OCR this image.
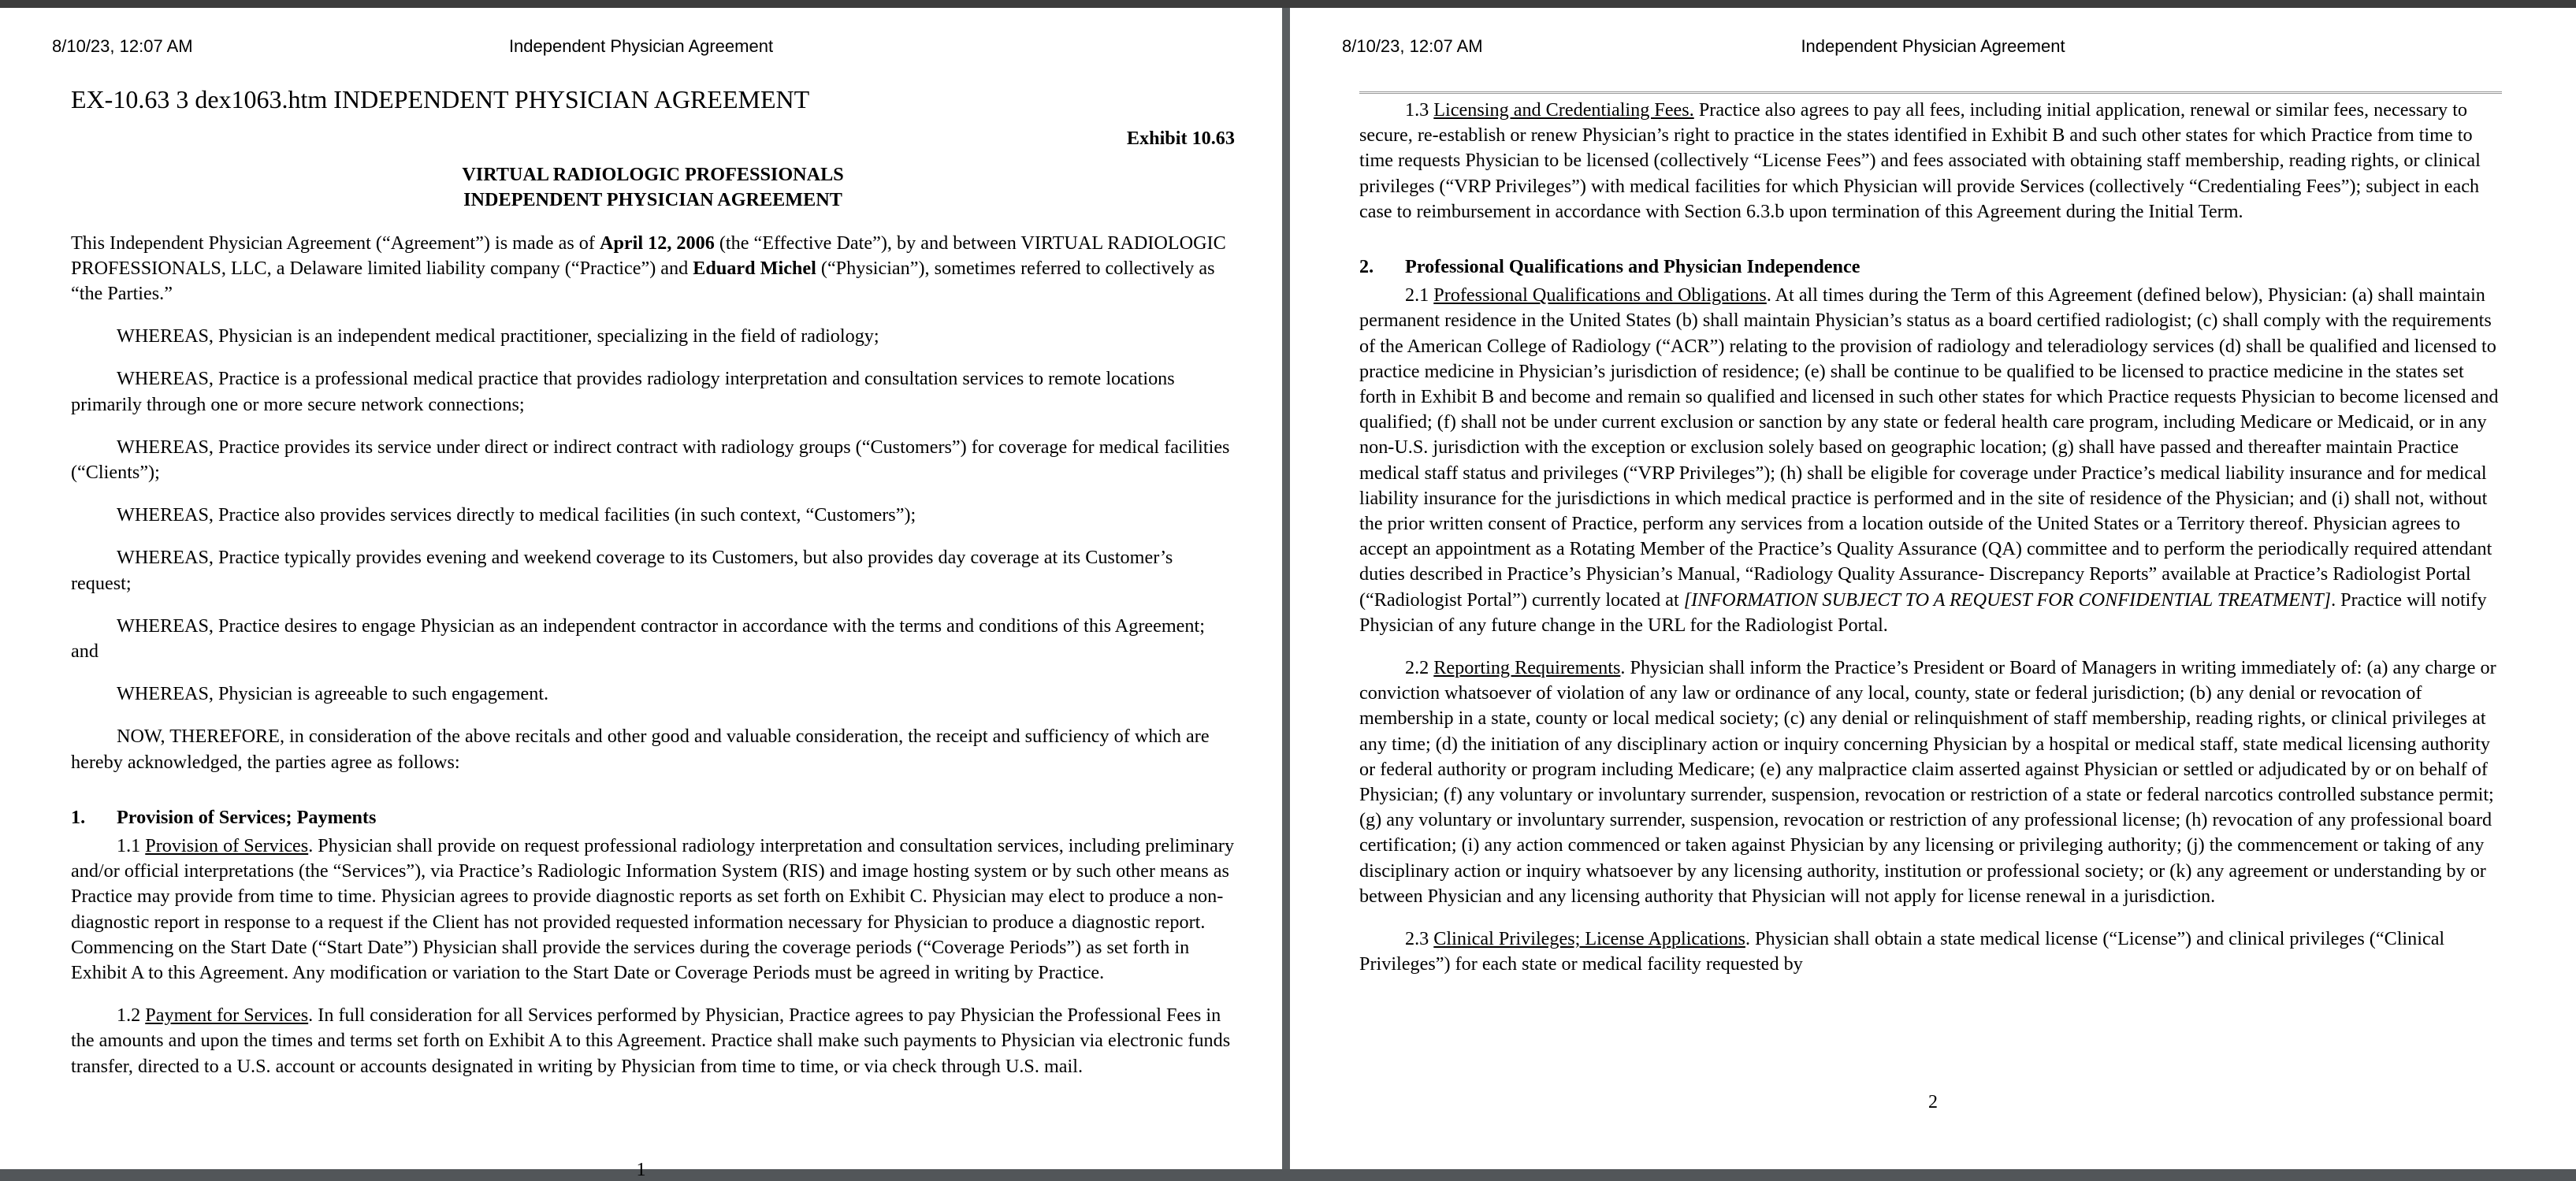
8/10/23, 12:07 AM	Independent Physician Agreement
EX-10.63 3 dex1063.htm INDEPENDENT PHYSICIAN AGREEMENT

Exhibit 10.63

VIRTUAL RADIOLOGIC PROFESSIONALS

INDEPENDENT PHYSICIAN AGREEMENT

This Independent Physician Agreement (“Agreement”) is made as of April 12, 2006 (the “Effective Date”), by and between VIRTUAL RADIOLOGIC PROFESSIONALS, LLC, a Delaware limited liability company (“Practice”) and Eduard Michel (“Physician”), sometimes referred to collectively as “the Parties.”

WHEREAS, Physician is an independent medical practitioner, specializing in the field of radiology;

WHEREAS, Practice is a professional medical practice that provides radiology interpretation and consultation services to remote locations primarily through one or more secure network connections;

WHEREAS, Practice provides its service under direct or indirect contract with radiology groups (“Customers”) for coverage for medical facilities (“Clients”);

WHEREAS, Practice also provides services directly to medical facilities (in such context, “Customers”);

WHEREAS, Practice typically provides evening and weekend coverage to its Customers, but also provides day coverage at its Customer’s request;

WHEREAS, Practice desires to engage Physician as an independent contractor in accordance with the terms and conditions of this Agreement; and

WHEREAS, Physician is agreeable to such engagement.

NOW, THEREFORE, in consideration of the above recitals and other good and valuable consideration, the receipt and sufficiency of which are hereby acknowledged, the parties agree as follows:

1. Provision of Services; Payments

1.1 Provision of Services. Physician shall provide on request professional radiology interpretation and consultation services, including preliminary and/or official interpretations (the “Services”), via Practice’s Radiologic Information System (RIS) and image hosting system or by such other means as Practice may provide from time to time. Physician agrees to provide diagnostic reports as set forth on Exhibit C. Physician may elect to produce a non-diagnostic report in response to a request if the Client has not provided requested information necessary for Physician to produce a diagnostic report. Commencing on the Start Date (“Start Date”) Physician shall provide the services during the coverage periods (“Coverage Periods”) as set forth in Exhibit A to this Agreement. Any modification or variation to the Start Date or Coverage Periods must be agreed in writing by Practice.

1.2 Payment for Services. In full consideration for all Services performed by Physician, Practice agrees to pay Physician the Professional Fees in the amounts and upon the times and terms set forth on Exhibit A to this Agreement. Practice shall make such payments to Physician via electronic funds transfer, directed to a U.S. account or accounts designated in writing by Physician from time to time, or via check through U.S. mail.

1
8/10/23, 12:07 AM	Independent Physician Agreement

1.3 Licensing and Credentialing Fees. Practice also agrees to pay all fees, including initial application, renewal or similar fees, necessary to secure, re-establish or renew Physician’s right to practice in the states identified in Exhibit B and such other states for which Practice from time to time requests Physician to be licensed (collectively “License Fees”) and fees associated with obtaining staff membership, reading rights, or clinical privileges (“VRP Privileges”) with medical facilities for which Physician will provide Services (collectively “Credentialing Fees”); subject in each case to reimbursement in accordance with Section 6.3.b upon termination of this Agreement during the Initial Term.

2. Professional Qualifications and Physician Independence

2.1 Professional Qualifications and Obligations. At all times during the Term of this Agreement (defined below), Physician: (a) shall maintain permanent residence in the United States (b) shall maintain Physician’s status as a board certified radiologist; (c) shall comply with the requirements of the American College of Radiology (“ACR”) relating to the provision of radiology and teleradiology services (d) shall be qualified and licensed to practice medicine in Physician’s jurisdiction of residence; (e) shall be continue to be qualified to be licensed to practice medicine in the states set forth in Exhibit B and become and remain so qualified and licensed in such other states for which Practice requests Physician to become licensed and qualified; (f) shall not be under current exclusion or sanction by any state or federal health care program, including Medicare or Medicaid, or in any non-U.S. jurisdiction with the exception or exclusion solely based on geographic location; (g) shall have passed and thereafter maintain Practice medical staff status and privileges (“VRP Privileges”); (h) shall be eligible for coverage under Practice’s medical liability insurance and for medical liability insurance for the jurisdictions in which medical practice is performed and in the site of residence of the Physician; and (i) shall not, without the prior written consent of Practice, perform any services from a location outside of the United States or a Territory thereof. Physician agrees to accept an appointment as a Rotating Member of the Practice’s Quality Assurance (QA) committee and to perform the periodically required attendant duties described in Practice’s Physician’s Manual, “Radiology Quality Assurance- Discrepancy Reports” available at Practice’s Radiologist Portal (“Radiologist Portal”) currently located at [INFORMATION SUBJECT TO A REQUEST FOR CONFIDENTIAL TREATMENT]. Practice will notify Physician of any future change in the URL for the Radiologist Portal.

2.2 Reporting Requirements. Physician shall inform the Practice’s President or Board of Managers in writing immediately of: (a) any charge or conviction whatsoever of violation of any law or ordinance of any local, county, state or federal jurisdiction; (b) any denial or revocation of membership in a state, county or local medical society; (c) any denial or relinquishment of staff membership, reading rights, or clinical privileges at any time; (d) the initiation of any disciplinary action or inquiry concerning Physician by a hospital or medical staff, state medical licensing authority or federal authority or program including Medicare; (e) any malpractice claim asserted against Physician or settled or adjudicated by or on behalf of Physician; (f) any voluntary or involuntary surrender, suspension, revocation or restriction of a state or federal narcotics controlled substance permit; (g) any voluntary or involuntary surrender, suspension, revocation or restriction of any professional license; (h) revocation of any professional board certification; (i) any action commenced or taken against Physician by any licensing or privileging authority; (j) the commencement or taking of any disciplinary action or inquiry whatsoever by any licensing authority, institution or professional society; or (k) any agreement or understanding by or between Physician and any licensing authority that Physician will not apply for license renewal in a jurisdiction.

2.3 Clinical Privileges; License Applications. Physician shall obtain a state medical license (“License”) and clinical privileges (“Clinical Privileges”) for each state or medical facility requested by

2
